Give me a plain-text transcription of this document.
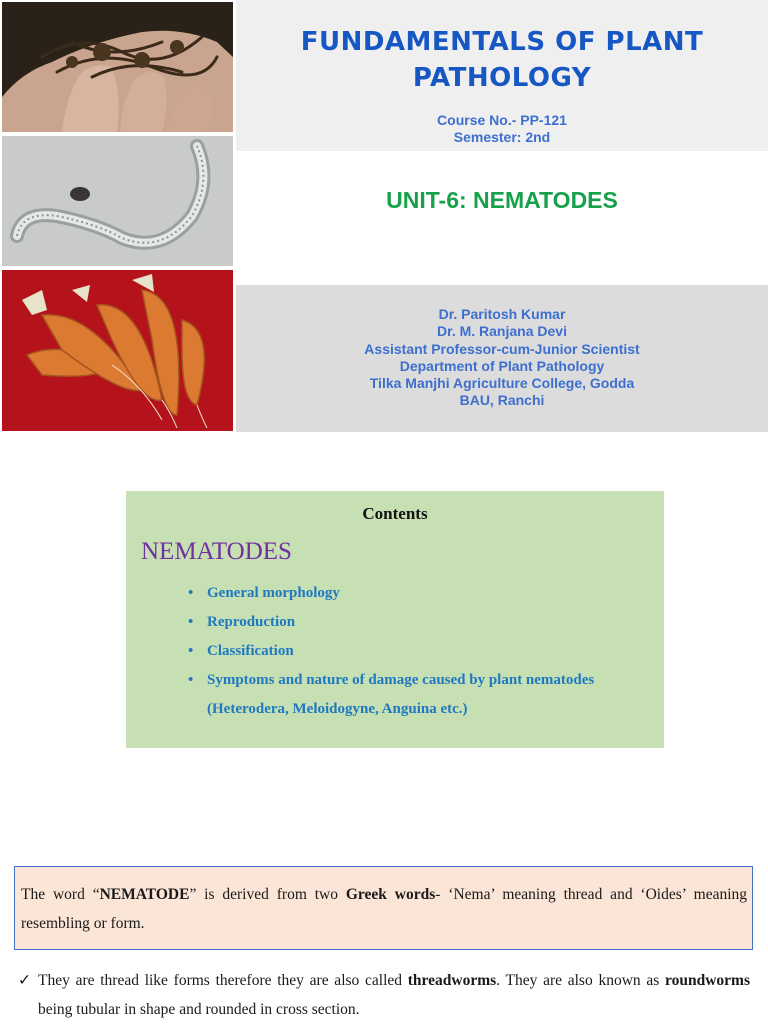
FUNDAMENTALS OF PLANT PATHOLOGY
Course No.- PP-121
Semester: 2nd
UNIT-6: NEMATODES
Dr. Paritosh Kumar
Dr. M. Ranjana Devi
Assistant Professor-cum-Junior Scientist
Department of Plant Pathology
Tilka Manjhi Agriculture College, Godda
BAU, Ranchi
Contents
NEMATODES
• General morphology
• Reproduction
• Classification
• Symptoms and nature of damage caused by plant nematodes
(Heterodera, Meloidogyne, Anguina etc.)
The word “NEMATODE” is derived from two Greek words- ‘Nema’ meaning thread and ‘Oides’ meaning resembling or form.
✓ They are thread like forms therefore they are also called threadworms. They are also known as roundworms being tubular in shape and rounded in cross section.
